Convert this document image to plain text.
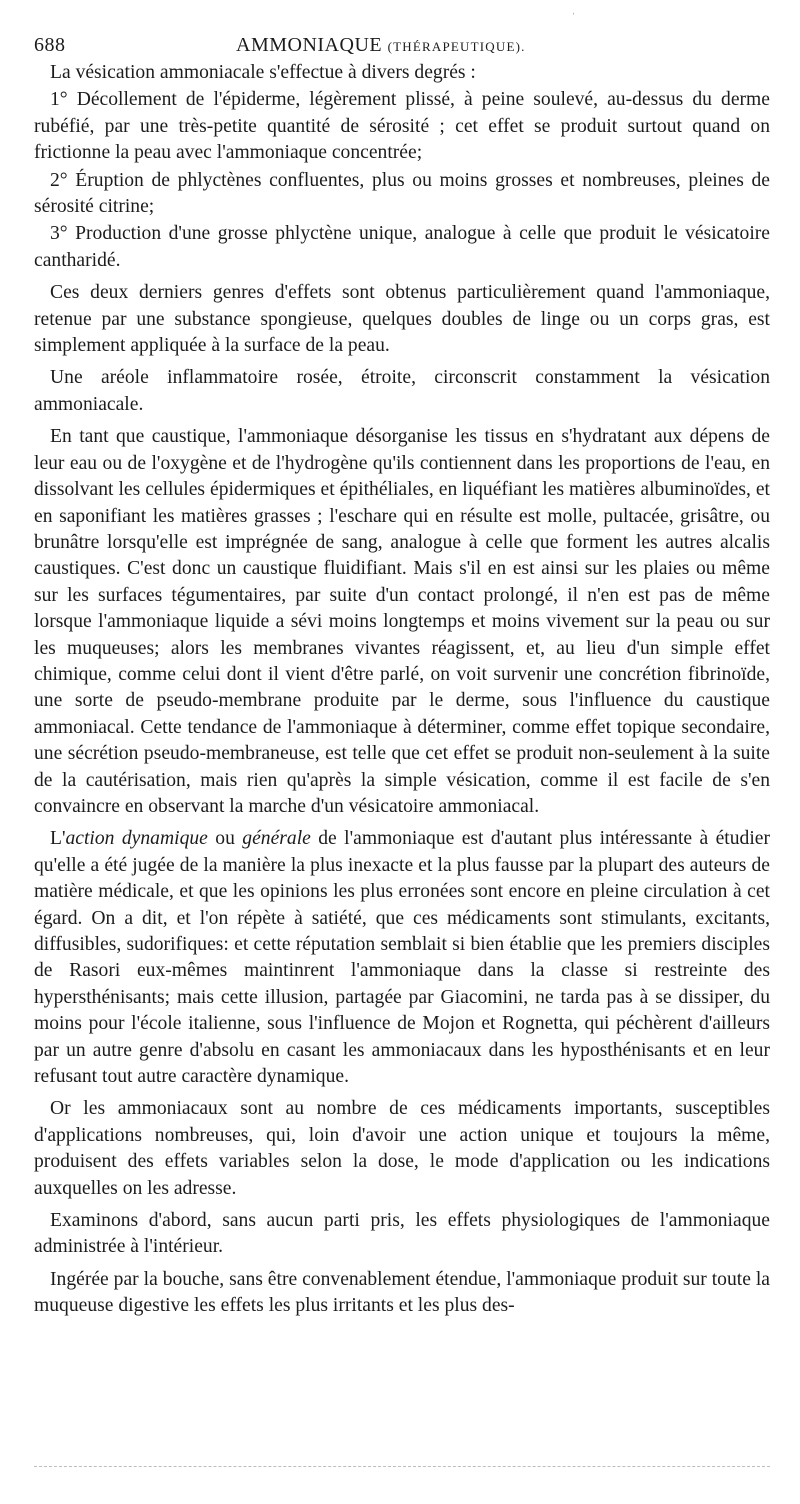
ˈ
688	AMMONIAQUE (THÉRAPEUTIQUE).

La vésication ammoniacale s'effectue à divers degrés :

1° Décollement de l'épiderme, légèrement plissé, à peine soulevé, au-dessus du derme rubéfié, par une très-petite quantité de sérosité ; cet effet se produit surtout quand on frictionne la peau avec l'ammoniaque concentrée;

2° Éruption de phlyctènes confluentes, plus ou moins grosses et nombreuses, pleines de sérosité citrine;

3° Production d'une grosse phlyctène unique, analogue à celle que produit le vésicatoire cantharidé.

Ces deux derniers genres d'effets sont obtenus particulièrement quand l'ammoniaque, retenue par une substance spongieuse, quelques doubles de linge ou un corps gras, est simplement appliquée à la surface de la peau.

Une aréole inflammatoire rosée, étroite, circonscrit constamment la vésication ammoniacale.

En tant que caustique, l'ammoniaque désorganise les tissus en s'hydratant aux dépens de leur eau ou de l'oxygène et de l'hydrogène qu'ils contiennent dans les proportions de l'eau, en dissolvant les cellules épidermiques et épithéliales, en liquéfiant les matières albuminoïdes, et en saponifiant les matières grasses ; l'eschare qui en résulte est molle, pultacée, grisâtre, ou brunâtre lorsqu'elle est imprégnée de sang, analogue à celle que forment les autres alcalis caustiques. C'est donc un caustique fluidifiant. Mais s'il en est ainsi sur les plaies ou même sur les surfaces tégumentaires, par suite d'un contact prolongé, il n'en est pas de même lorsque l'ammoniaque liquide a sévi moins longtemps et moins vivement sur la peau ou sur les muqueuses; alors les membranes vivantes réagissent, et, au lieu d'un simple effet chimique, comme celui dont il vient d'être parlé, on voit survenir une concrétion fibrinoïde, une sorte de pseudo-membrane produite par le derme, sous l'influence du caustique ammoniacal. Cette tendance de l'ammoniaque à déterminer, comme effet topique secondaire, une sécrétion pseudo-membraneuse, est telle que cet effet se produit non-seulement à la suite de la cautérisation, mais rien qu'après la simple vésication, comme il est facile de s'en convaincre en observant la marche d'un vésicatoire ammoniacal.

L'action dynamique ou générale de l'ammoniaque est d'autant plus intéressante à étudier qu'elle a été jugée de la manière la plus inexacte et la plus fausse par la plupart des auteurs de matière médicale, et que les opinions les plus erronées sont encore en pleine circulation à cet égard. On a dit, et l'on répète à satiété, que ces médicaments sont stimulants, excitants, diffusibles, sudorifiques: et cette réputation semblait si bien établie que les premiers disciples de Rasori eux-mêmes maintinrent l'ammoniaque dans la classe si restreinte des hypersthénisants; mais cette illusion, partagée par Giacomini, ne tarda pas à se dissiper, du moins pour l'école italienne, sous l'influence de Mojon et Rognetta, qui péchèrent d'ailleurs par un autre genre d'absolu en casant les ammoniacaux dans les hyposthénisants et en leur refusant tout autre caractère dynamique.

Or les ammoniacaux sont au nombre de ces médicaments importants, susceptibles d'applications nombreuses, qui, loin d'avoir une action unique et toujours la même, produisent des effets variables selon la dose, le mode d'application ou les indications auxquelles on les adresse.

Examinons d'abord, sans aucun parti pris, les effets physiologiques de l'ammoniaque administrée à l'intérieur.

Ingérée par la bouche, sans être convenablement étendue, l'ammoniaque produit sur toute la muqueuse digestive les effets les plus irritants et les plus des-
